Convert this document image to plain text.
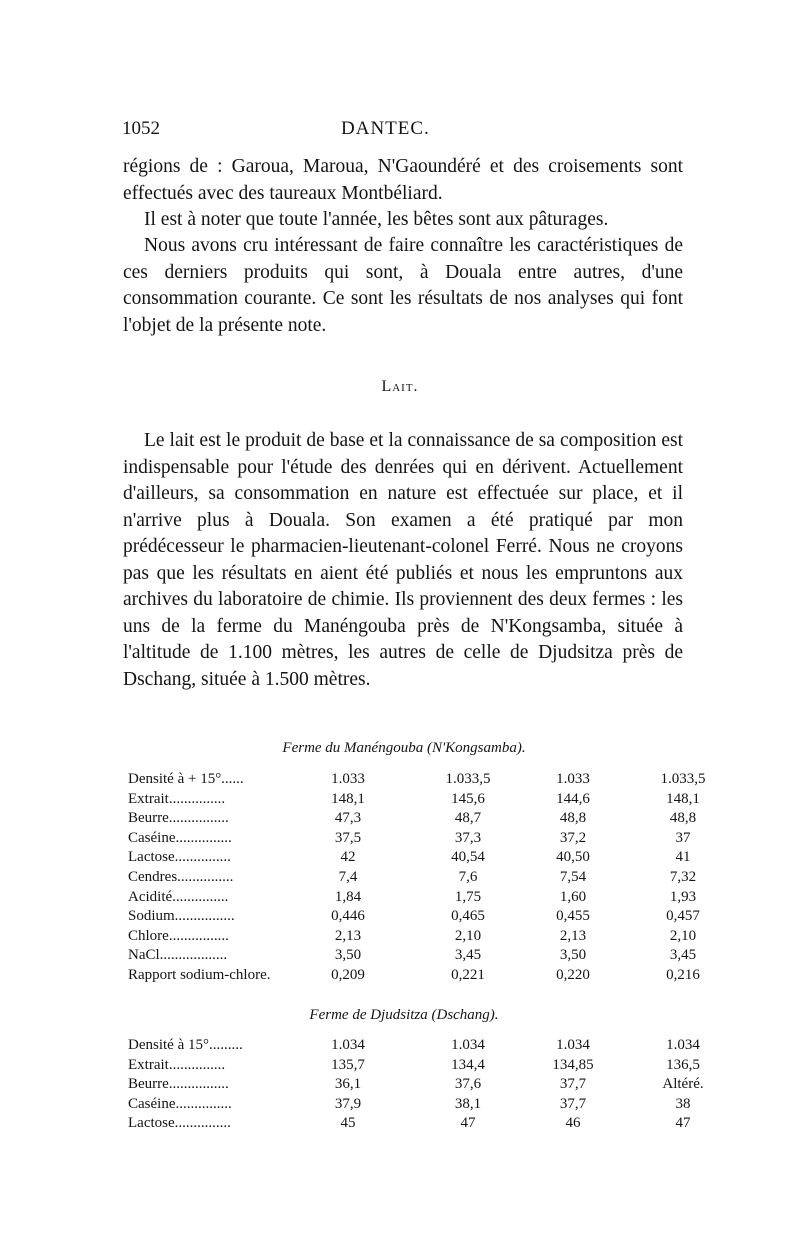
1052	DANTEC.

régions de : Garoua, Maroua, N'Gaoundéré et des croisements sont effectués avec des taureaux Montbéliard.

Il est à noter que toute l'année, les bêtes sont aux pâturages.

Nous avons cru intéressant de faire connaître les caractéristiques de ces derniers produits qui sont, à Douala entre autres, d'une consommation courante. Ce sont les résultats de nos analyses qui font l'objet de la présente note.

Lait.

Le lait est le produit de base et la connaissance de sa composition est indispensable pour l'étude des denrées qui en dérivent. Actuellement d'ailleurs, sa consommation en nature est effectuée sur place, et il n'arrive plus à Douala. Son examen a été pratiqué par mon prédécesseur le pharmacien-lieutenant-colonel Ferré. Nous ne croyons pas que les résultats en aient été publiés et nous les empruntons aux archives du laboratoire de chimie. Ils proviennent des deux fermes : les uns de la ferme du Manéngouba près de N'Kongsamba, située à l'altitude de 1.100 mètres, les autres de celle de Djudsitza près de Dschang, située à 1.500 mètres.

Ferme du Manéngouba (N'Kongsamba).
Densité à + 15°......	1.033	1.033,5	1.033	1.033,5
Extrait...............	148,1	145,6	144,6	148,1
Beurre................	47,3	48,7	48,8	48,8
Caséine...............	37,5	37,3	37,2	37
Lactose...............	42	40,54	40,50	41
Cendres...............	7,4	7,6	7,54	7,32
Acidité...............	1,84	1,75	1,60	1,93
Sodium................	0,446	0,465	0,455	0,457
Chlore................	2,13	2,10	2,13	2,10
NaCl..................	3,50	3,45	3,50	3,45
Rapport sodium-chlore.	0,209	0,221	0,220	0,216
Ferme de Djudsitza (Dschang).
Densité à 15°.........	1.034	1.034	1.034	1.034
Extrait...............	135,7	134,4	134,85	136,5
Beurre................	36,1	37,6	37,7	Altéré.
Caséine...............	37,9	38,1	37,7	38
Lactose...............	45	47	46	47
